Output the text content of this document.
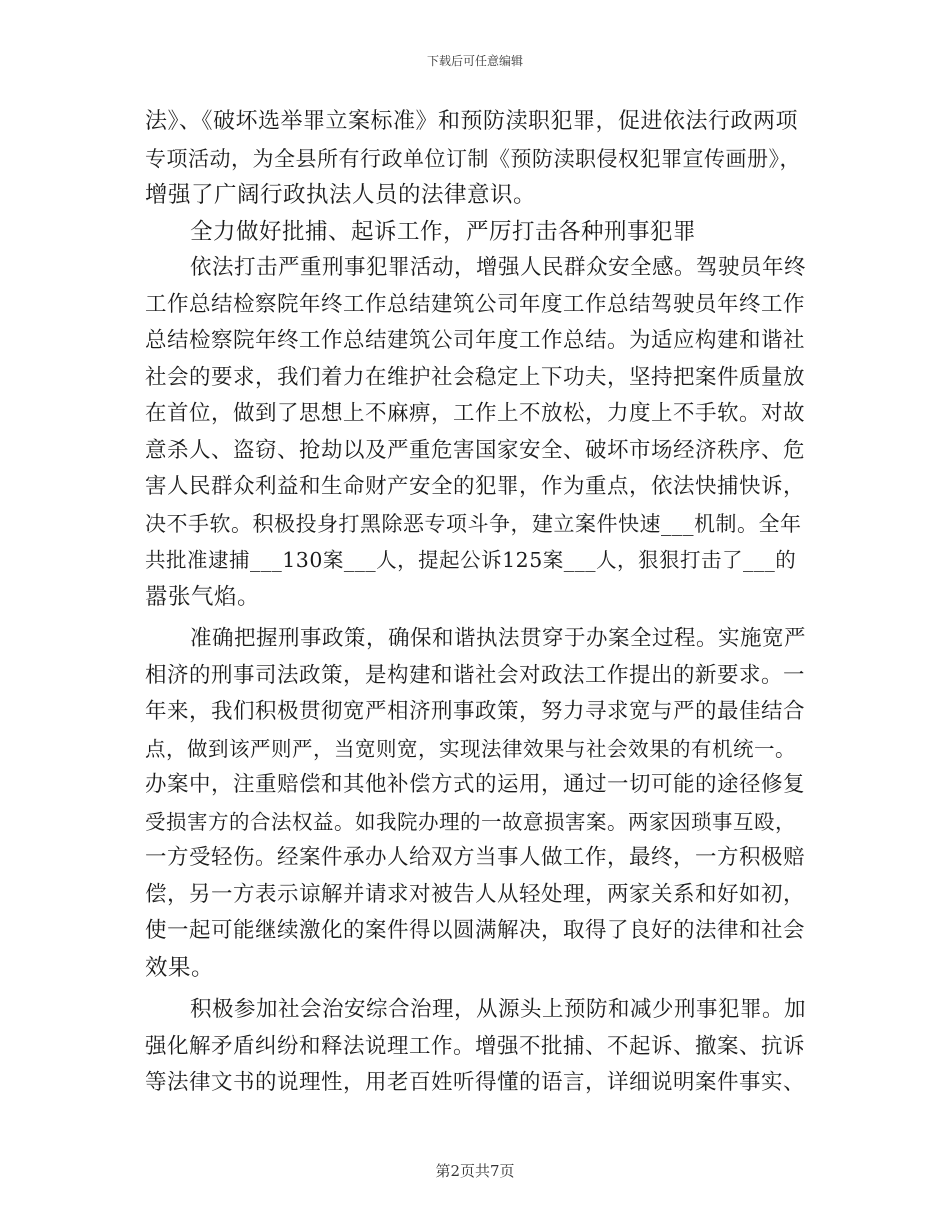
下载后可任意编辑
法》、《破坏选举罪立案标准》和预防渎职犯罪，促进依法行政两项
专项活动，为全县所有行政单位订制《预防渎职侵权犯罪宣传画册》，
增强了广阔行政执法人员的法律意识。
全力做好批捕、起诉工作，严厉打击各种刑事犯罪
依法打击严重刑事犯罪活动，增强人民群众安全感。驾驶员年终
工作总结检察院年终工作总结建筑公司年度工作总结驾驶员年终工作
总结检察院年终工作总结建筑公司年度工作总结。为适应构建和谐社
社会的要求，我们着力在维护社会稳定上下功夫，坚持把案件质量放
在首位，做到了思想上不麻痹，工作上不放松，力度上不手软。对故
意杀人、盗窃、抢劫以及严重危害国家安全、破坏市场经济秩序、危
害人民群众利益和生命财产安全的犯罪，作为重点，依法快捕快诉，
决不手软。积极投身打黑除恶专项斗争，建立案件快速___机制。全年
共批准逮捕___130案___人，提起公诉125案___人，狠狠打击了___的
嚣张气焰。
准确把握刑事政策，确保和谐执法贯穿于办案全过程。实施宽严
相济的刑事司法政策，是构建和谐社会对政法工作提出的新要求。一
年来，我们积极贯彻宽严相济刑事政策，努力寻求宽与严的最佳结合
点，做到该严则严，当宽则宽，实现法律效果与社会效果的有机统一。
办案中，注重赔偿和其他补偿方式的运用，通过一切可能的途径修复
受损害方的合法权益。如我院办理的一故意损害案。两家因琐事互殴，
一方受轻伤。经案件承办人给双方当事人做工作，最终，一方积极赔
偿，另一方表示谅解并请求对被告人从轻处理，两家关系和好如初，
使一起可能继续激化的案件得以圆满解决，取得了良好的法律和社会
效果。
积极参加社会治安综合治理，从源头上预防和减少刑事犯罪。加
强化解矛盾纠纷和释法说理工作。增强不批捕、不起诉、撤案、抗诉
等法律文书的说理性，用老百姓听得懂的语言，详细说明案件事实、
第2页共7页
